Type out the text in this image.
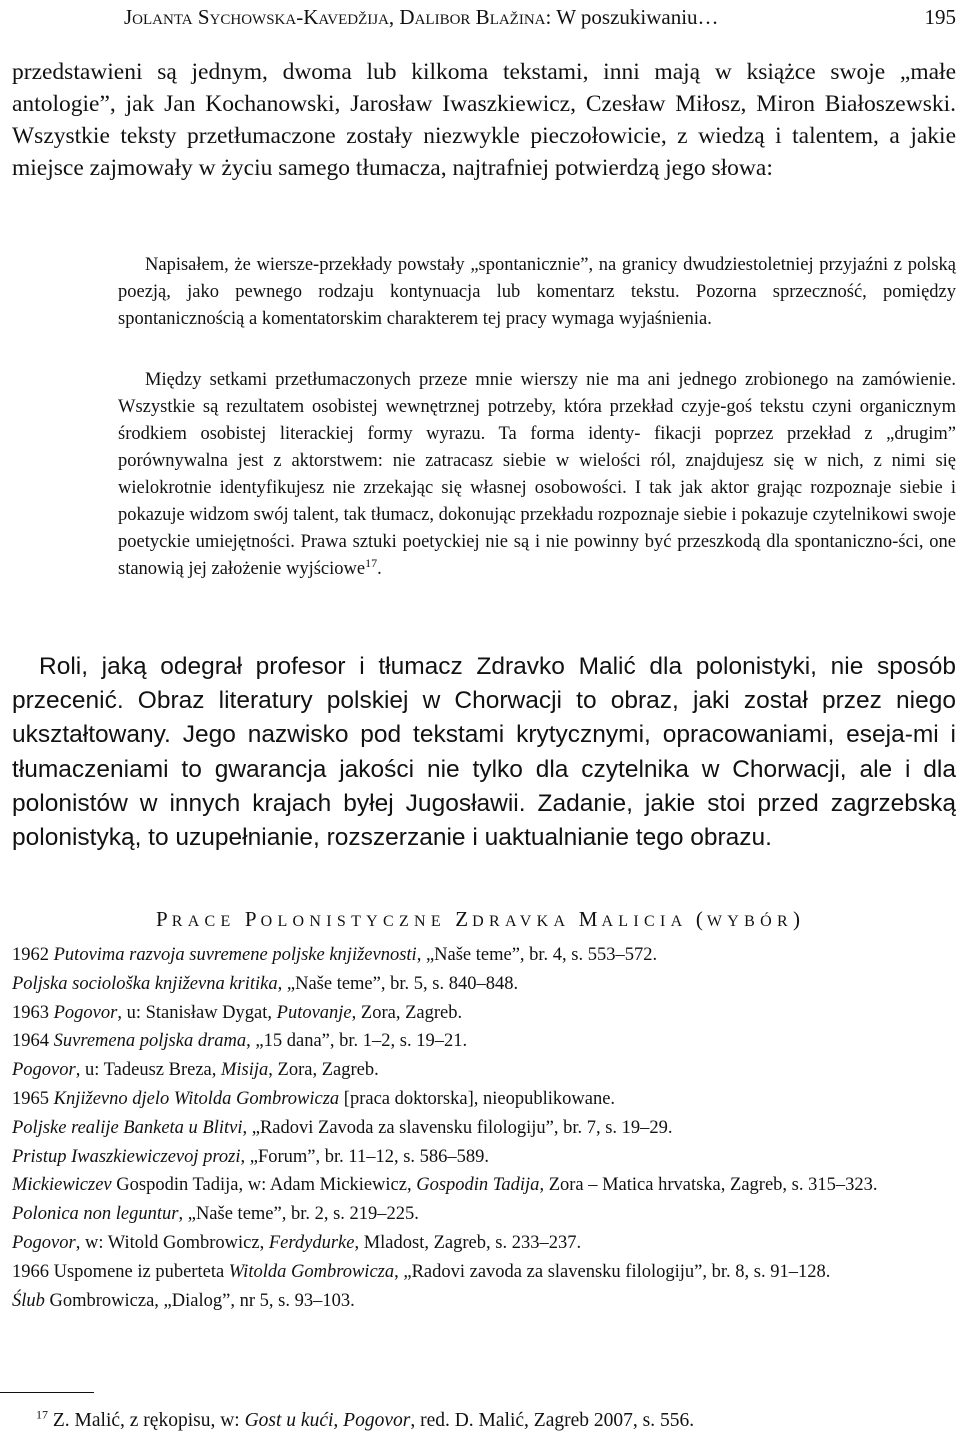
Jolanta Sychowska-Kavedžija, Dalibor Blažina: W poszukiwaniu…	195

przedstawieni są jednym, dwoma lub kilkoma tekstami, inni mają w książce swoje „małe antologie”, jak Jan Kochanowski, Jarosław Iwaszkiewicz, Czesław Miłosz, Miron Białoszewski. Wszystkie teksty przetłumaczone zostały niezwykle pieczołowicie, z wiedzą i talentem, a jakie miejsce zajmowały w życiu samego tłumacza, najtrafniej potwierdzą jego słowa:

Napisałem, że wiersze-przekłady powstały „spontanicznie”, na granicy dwudziestoletniej przyjaźni z polską poezją, jako pewnego rodzaju kontynuacja lub komentarz tekstu. Pozorna sprzeczność, pomiędzy spontanicznością a komentatorskim charakterem tej pracy wymaga wyjaśnienia.

Między setkami przetłumaczonych przeze mnie wierszy nie ma ani jednego zrobionego na zamówienie. Wszystkie są rezultatem osobistej wewnętrznej potrzeby, która przekład czyje-goś tekstu czyni organicznym środkiem osobistej literackiej formy wyrazu. Ta forma identy- fikacji poprzez przekład z „drugim” porównywalna jest z aktorstwem: nie zatracasz siebie w wielości ról, znajdujesz się w nich, z nimi się wielokrotnie identyfikujesz nie zrzekając się własnej osobowości. I tak jak aktor grając rozpoznaje siebie i pokazuje widzom swój talent, tak tłumacz, dokonując przekładu rozpoznaje siebie i pokazuje czytelnikowi swoje poetyckie umiejętności. Prawa sztuki poetyckiej nie są i nie powinny być przeszkodą dla spontaniczno-ści, one stanowią jej założenie wyjściowe$^{17}$.

Roli, jaką odegrał profesor i tłumacz Zdravko Malić dla polonistyki, nie sposób przecenić. Obraz literatury polskiej w Chorwacji to obraz, jaki został przez niego ukształtowany. Jego nazwisko pod tekstami krytycznymi, opracowaniami, eseja-mi i tłumaczeniami to gwarancja jakości nie tylko dla czytelnika w Chorwacji, ale i dla polonistów w innych krajach byłej Jugosławii. Zadanie, jakie stoi przed zagrzebską polonistyką, to uzupełnianie, rozszerzanie i uaktualnianie tego obrazu.

PRACE POLONISTYCZNE ZDRAVKA MALICIA (WYBÓR)
1962 Putovima razvoja suvremene poljske književnosti, „Naše teme”, br. 4, s. 553–572.
Poljska sociološka književna kritika, „Naše teme”, br. 5, s. 840–848.
1963 Pogovor, u: Stanisław Dygat, Putovanje, Zora, Zagreb.
1964 Suvremena poljska drama, „15 dana”, br. 1–2, s. 19–21.
Pogovor, u: Tadeusz Breza, Misija, Zora, Zagreb.
1965 Književno djelo Witolda Gombrowicza [praca doktorska], nieopublikowane.
Poljske realije Banketa u Blitvi, „Radovi Zavoda za slavensku filologiju”, br. 7, s. 19–29.
Pristup Iwaszkiewiczevoj prozi, „Forum”, br. 11–12, s. 586–589.
Mickiewiczev Gospodin Tadija, w: Adam Mickiewicz, Gospodin Tadija, Zora – Matica hrvatska, Zagreb, s. 315–323.
Polonica non leguntur, „Naše teme”, br. 2, s. 219–225.
Pogovor, w: Witold Gombrowicz, Ferdydurke, Mladost, Zagreb, s. 233–237.
1966 Uspomene iz puberteta Witolda Gombrowicza, „Radovi zavoda za slavensku filologiju”, br. 8, s. 91–128.
Ślub Gombrowicza, „Dialog”, nr 5, s. 93–103.

$^{17}$ Z. Malić, z rękopisu, w: Gost u kući, Pogovor, red. D. Malić, Zagreb 2007, s. 556.
